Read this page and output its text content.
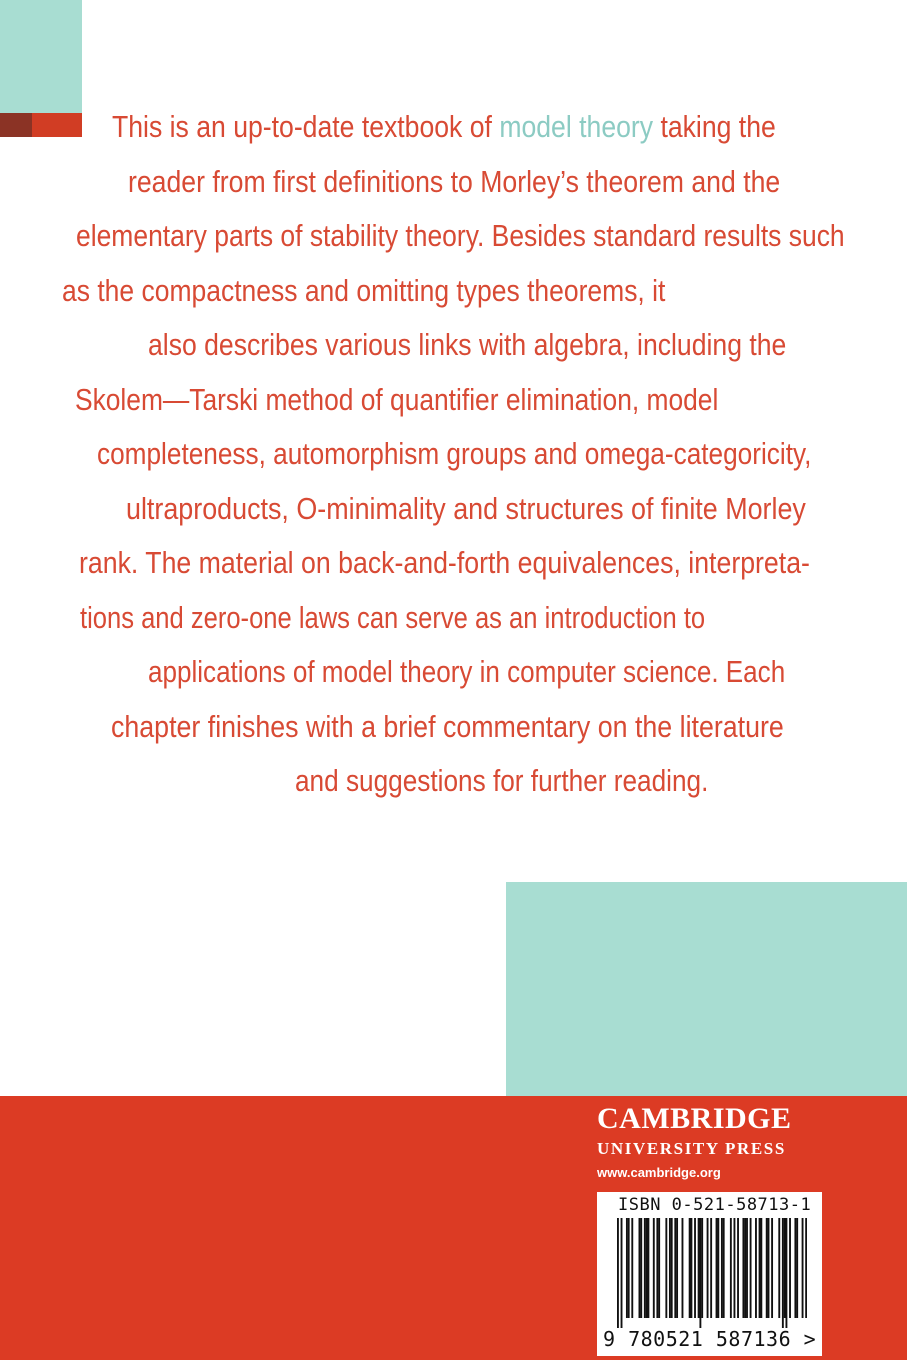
This is an up-to-date textbook of model theory taking the
reader from first definitions to Morley’s theorem and the
elementary parts of stability theory. Besides standard results such
as the compactness and omitting types theorems, it
also describes various links with algebra, including the
Skolem—Tarski method of quantifier elimination, model
completeness, automorphism groups and omega-categoricity,
ultraproducts, O-minimality and structures of finite Morley
rank. The material on back-and-forth equivalences, interpreta-
tions and zero-one laws can serve as an introduction to
applications of model theory in computer science. Each
chapter finishes with a brief commentary on the literature
and suggestions for further reading.
CAMBRIDGE
UNIVERSITY PRESS
www.cambridge.org
ISBN 0-521-58713-1
9 780521 587136 >
